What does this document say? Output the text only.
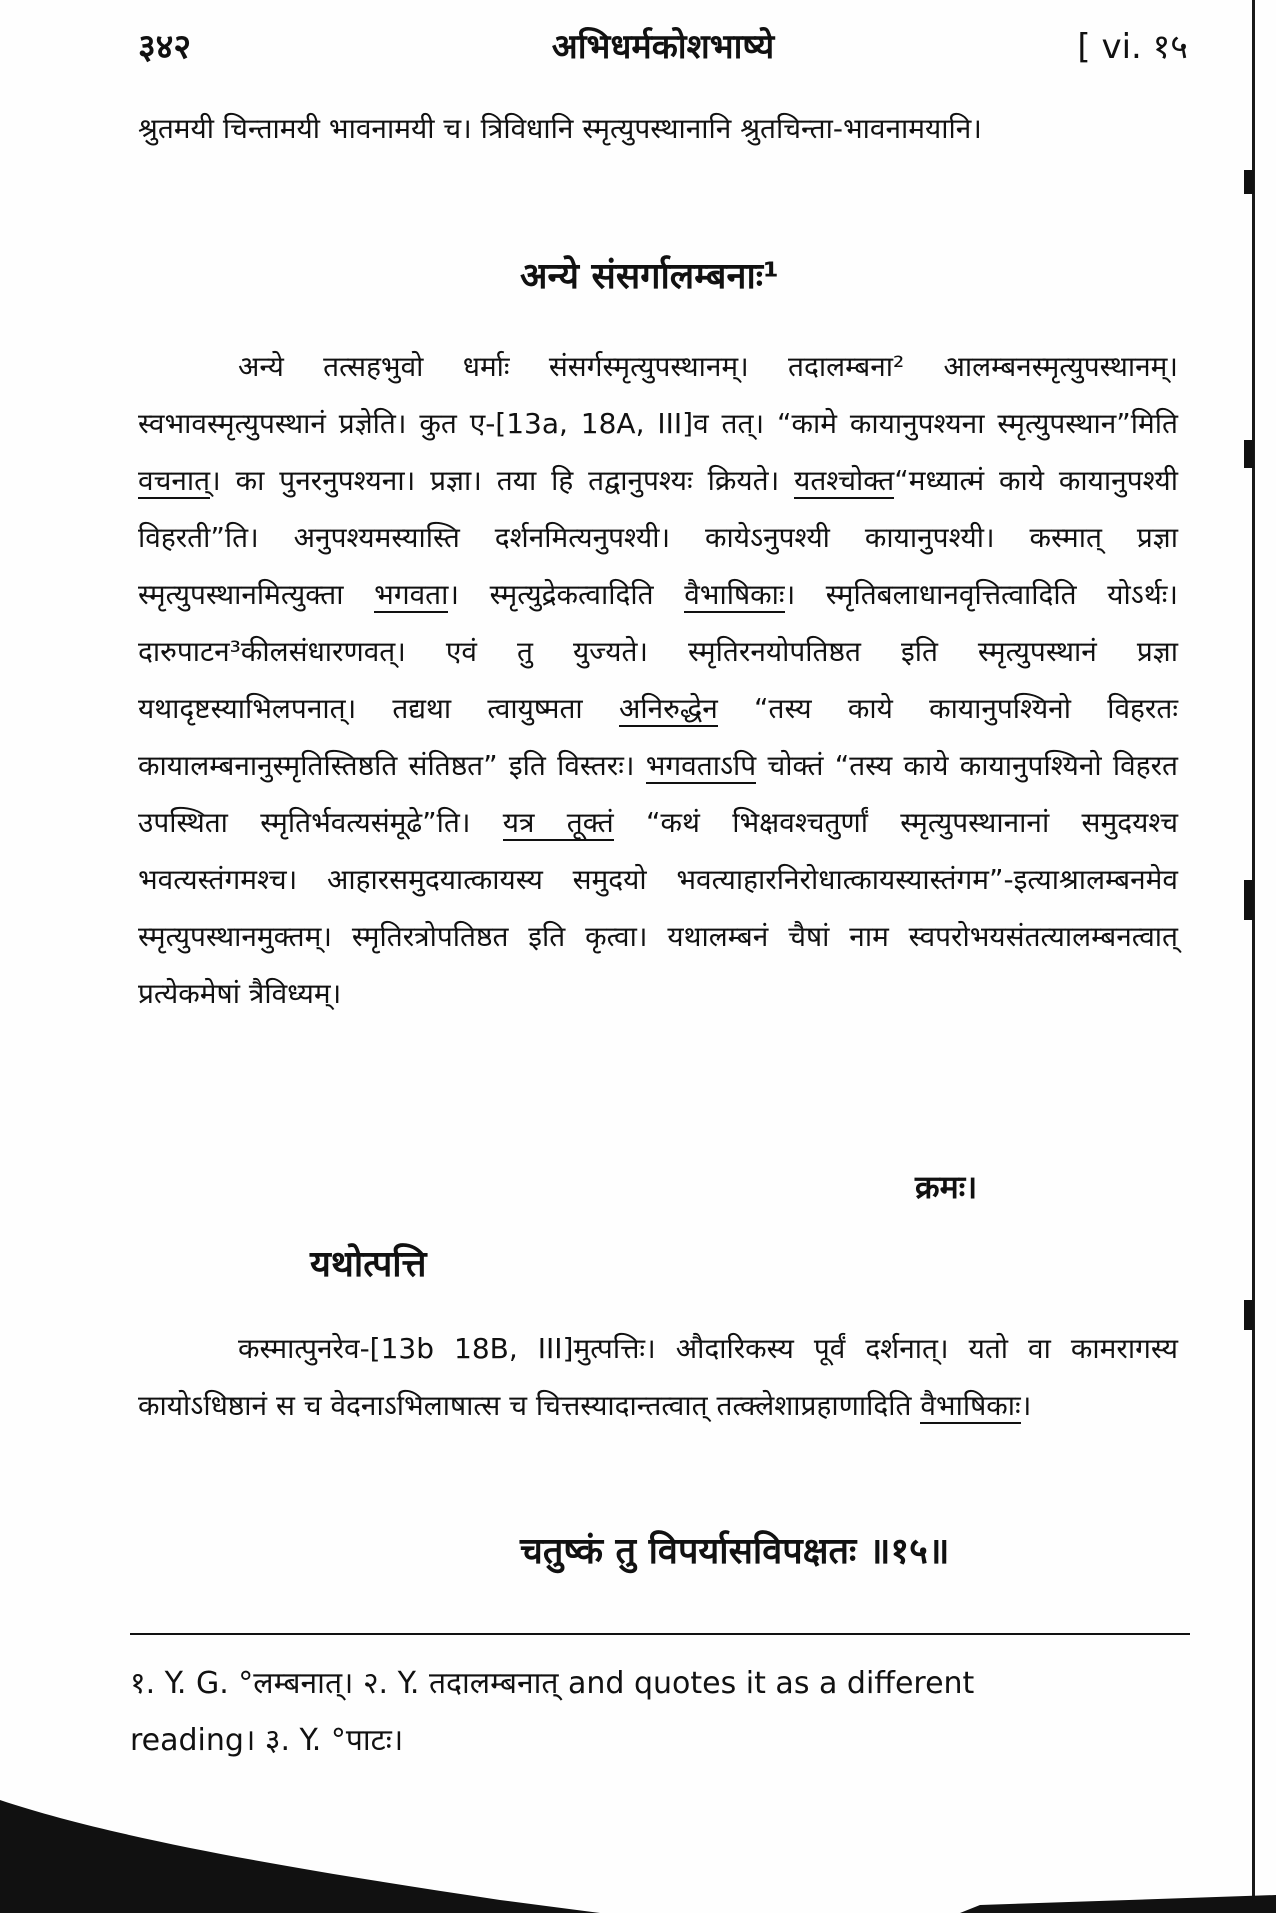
३४२	अभिधर्मकोशभाष्ये	[ vi. १५
श्रुतमयी चिन्तामयी भावनामयी च। त्रिविधानि स्मृत्युपस्थानानि श्रुतचिन्ता-भावनामयानि।
अन्ये संसर्गालम्बनाः¹
अन्ये तत्सहभुवो धर्माः संसर्गस्मृत्युपस्थानम्। तदालम्बना² आलम्बनस्मृत्युपस्थानम्। स्वभावस्मृत्युपस्थानं प्रज्ञेति। कुत ए-[13a, 18A, III]व तत्। “कामे कायानुपश्यना स्मृत्युपस्थान”मिति वचनात्। का पुनरनुपश्यना। प्रज्ञा। तया हि तद्वानुपश्यः क्रियते। यतश्चोक्त“मध्यात्मं काये कायानुपश्यी विहरती”ति। अनुपश्यमस्यास्ति दर्शनमित्यनुपश्यी। कायेऽनुपश्यी कायानुपश्यी। कस्मात् प्रज्ञा स्मृत्युपस्थानमित्युक्ता भगवता। स्मृत्युद्रेकत्वादिति वैभाषिकाः। स्मृतिबलाधानवृत्तित्वादिति योऽर्थः। दारुपाटन³कीलसंधारणवत्। एवं तु युज्यते। स्मृतिरनयोपतिष्ठत इति स्मृत्युपस्थानं प्रज्ञा यथादृष्टस्याभिलपनात्। तद्यथा त्वायुष्मता अनिरुद्धेन “तस्य काये कायानुपश्यिनो विहरतः कायालम्बनानुस्मृतिस्तिष्ठति संतिष्ठत” इति विस्तरः। भगवताऽपि चोक्तं “तस्य काये कायानुपश्यिनो विहरत उपस्थिता स्मृतिर्भवत्यसंमूढे”ति। यत्र तूक्तं “कथं भिक्षवश्चतुर्णां स्मृत्युपस्थानानां समुदयश्च भवत्यस्तंगमश्च। आहारसमुदयात्कायस्य समुदयो भवत्याहारनिरोधात्कायस्यास्तंगम”-इत्याश्रालम्बनमेव स्मृत्युपस्थानमुक्तम्। स्मृतिरत्रोपतिष्ठत इति कृत्वा। यथालम्बनं चैषां नाम स्वपरोभयसंतत्यालम्बनत्वात् प्रत्येकमेषां त्रैविध्यम्।
क्रमः।
यथोत्पत्ति
कस्मात्पुनरेव-[13b 18B, III]मुत्पत्तिः। औदारिकस्य पूर्वं दर्शनात्। यतो वा कामरागस्य कायोऽधिष्ठानं स च वेदनाऽभिलाषात्स च चित्तस्यादान्तत्वात् तत्क्लेशाप्रहाणादिति वैभाषिकाः।
चतुष्कं तु विपर्यासविपक्षतः ॥१५॥
१. Y. G. °लम्बनात्। २. Y. तदालम्बनात् and quotes it as a different
reading। ३. Y. °पाटः।
